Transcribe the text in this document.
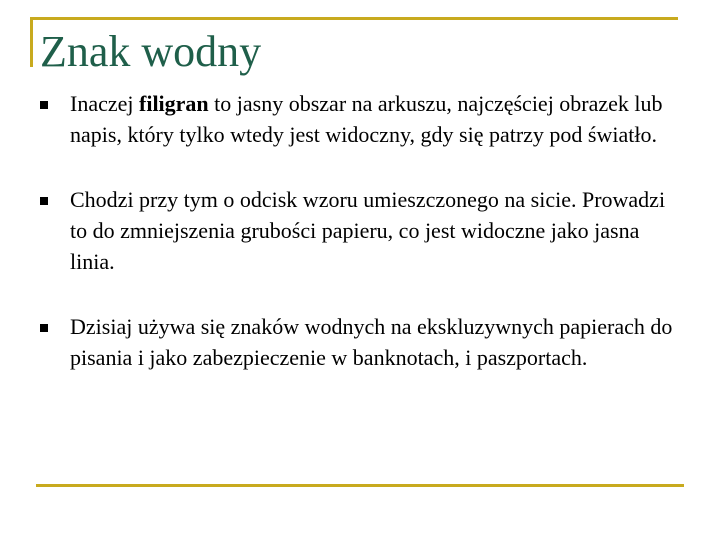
Znak wodny
Inaczej filigran to jasny obszar na arkuszu, najczęściej obrazek lub napis, który tylko wtedy jest widoczny, gdy się patrzy pod światło.
Chodzi przy tym o odcisk wzoru umieszczonego na sicie. Prowadzi to do zmniejszenia grubości papieru, co jest widoczne jako jasna linia.
Dzisiaj używa się znaków wodnych na ekskluzywnych papierach do pisania i jako zabezpieczenie w banknotach, i paszportach.
